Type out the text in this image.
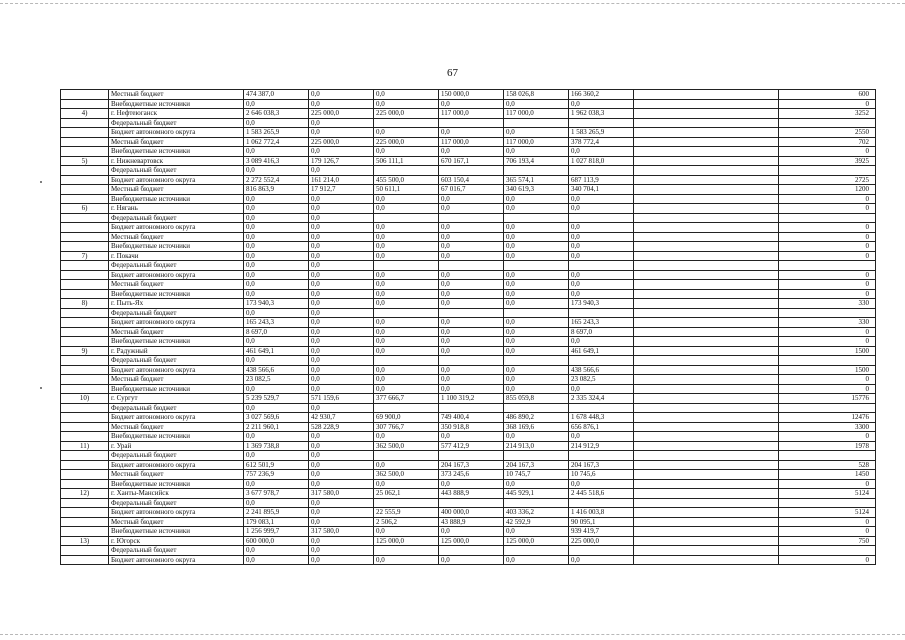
67
	Местный бюджет	474 387,0	0,0	0,0	150 000,0	158 026,8	166 360,2		600
	Внебюджетные источники	0,0	0,0	0,0	0,0	0,0	0,0		0
4)	г. Нефтеюганск	2 646 038,3	225 000,0	225 000,0	117 000,0	117 000,0	1 962 038,3		3252
	Федеральный бюджет	0,0	0,0						
	Бюджет автономного округа	1 583 265,9	0,0	0,0	0,0	0,0	1 583 265,9		2550
	Местный бюджет	1 062 772,4	225 000,0	225 000,0	117 000,0	117 000,0	378 772,4		702
	Внебюджетные источники	0,0	0,0	0,0	0,0	0,0	0,0		0
5)	г. Нижневартовск	3 089 416,3	179 126,7	506 111,1	670 167,1	706 193,4	1 027 818,0		3925
	Федеральный бюджет	0,0	0,0						
	Бюджет автономного округа	2 272 552,4	161 214,0	455 500,0	603 150,4	365 574,1	687 113,9		2725
	Местный бюджет	816 863,9	17 912,7	50 611,1	67 016,7	340 619,3	340 704,1		1200
	Внебюджетные источники	0,0	0,0	0,0	0,0	0,0	0,0		0
6)	г. Нягань	0,0	0,0	0,0	0,0	0,0	0,0		0
	Федеральный бюджет	0,0	0,0						
	Бюджет автономного округа	0,0	0,0	0,0	0,0	0,0	0,0		0
	Местный бюджет	0,0	0,0	0,0	0,0	0,0	0,0		0
	Внебюджетные источники	0,0	0,0	0,0	0,0	0,0	0,0		0
7)	г. Покачи	0,0	0,0	0,0	0,0	0,0	0,0		0
	Федеральный бюджет	0,0	0,0						
	Бюджет автономного округа	0,0	0,0	0,0	0,0	0,0	0,0		0
	Местный бюджет	0,0	0,0	0,0	0,0	0,0	0,0		0
	Внебюджетные источники	0,0	0,0	0,0	0,0	0,0	0,0		0
8)	г. Пыть-Ях	173 940,3	0,0	0,0	0,0	0,0	173 940,3		330
	Федеральный бюджет	0,0	0,0						
	Бюджет автономного округа	165 243,3	0,0	0,0	0,0	0,0	165 243,3		330
	Местный бюджет	8 697,0	0,0	0,0	0,0	0,0	8 697,0		0
	Внебюджетные источники	0,0	0,0	0,0	0,0	0,0	0,0		0
9)	г. Радужный	461 649,1	0,0	0,0	0,0	0,0	461 649,1		1500
	Федеральный бюджет	0,0	0,0						
	Бюджет автономного округа	438 566,6	0,0	0,0	0,0	0,0	438 566,6		1500
	Местный бюджет	23 082,5	0,0	0,0	0,0	0,0	23 082,5		0
	Внебюджетные источники	0,0	0,0	0,0	0,0	0,0	0,0		0
10)	г. Сургут	5 239 529,7	571 159,6	377 666,7	1 100 319,2	855 059,8	2 335 324,4		15776
	Федеральный бюджет	0,0	0,0						
	Бюджет автономного округа	3 027 569,6	42 930,7	69 900,0	749 400,4	486 890,2	1 678 448,3		12476
	Местный бюджет	2 211 960,1	528 228,9	307 766,7	350 918,8	368 169,6	656 876,1		3300
	Внебюджетные источники	0,0	0,0	0,0	0,0	0,0	0,0		0
11)	г. Урай	1 369 738,8	0,0	362 500,0	577 412,9	214 913,0	214 912,9		1978
	Федеральный бюджет	0,0	0,0						
	Бюджет автономного округа	612 501,9	0,0	0,0	204 167,3	204 167,3	204 167,3		528
	Местный бюджет	757 236,9	0,0	362 500,0	373 245,6	10 745,7	10 745,6		1450
	Внебюджетные источники	0,0	0,0	0,0	0,0	0,0	0,0		0
12)	г. Ханты-Мансийск	3 677 978,7	317 580,0	25 062,1	443 888,9	445 929,1	2 445 518,6		5124
	Федеральный бюджет	0,0	0,0						
	Бюджет автономного округа	2 241 895,9	0,0	22 555,9	400 000,0	403 336,2	1 416 003,8		5124
	Местный бюджет	179 083,1	0,0	2 506,2	43 888,9	42 592,9	90 095,1		0
	Внебюджетные источники	1 256 999,7	317 580,0	0,0	0,0	0,0	939 419,7		0
13)	г. Югорск	600 000,0	0,0	125 000,0	125 000,0	125 000,0	225 000,0		750
	Федеральный бюджет	0,0	0,0						
	Бюджет автономного округа	0,0	0,0	0,0	0,0	0,0	0,0		0
